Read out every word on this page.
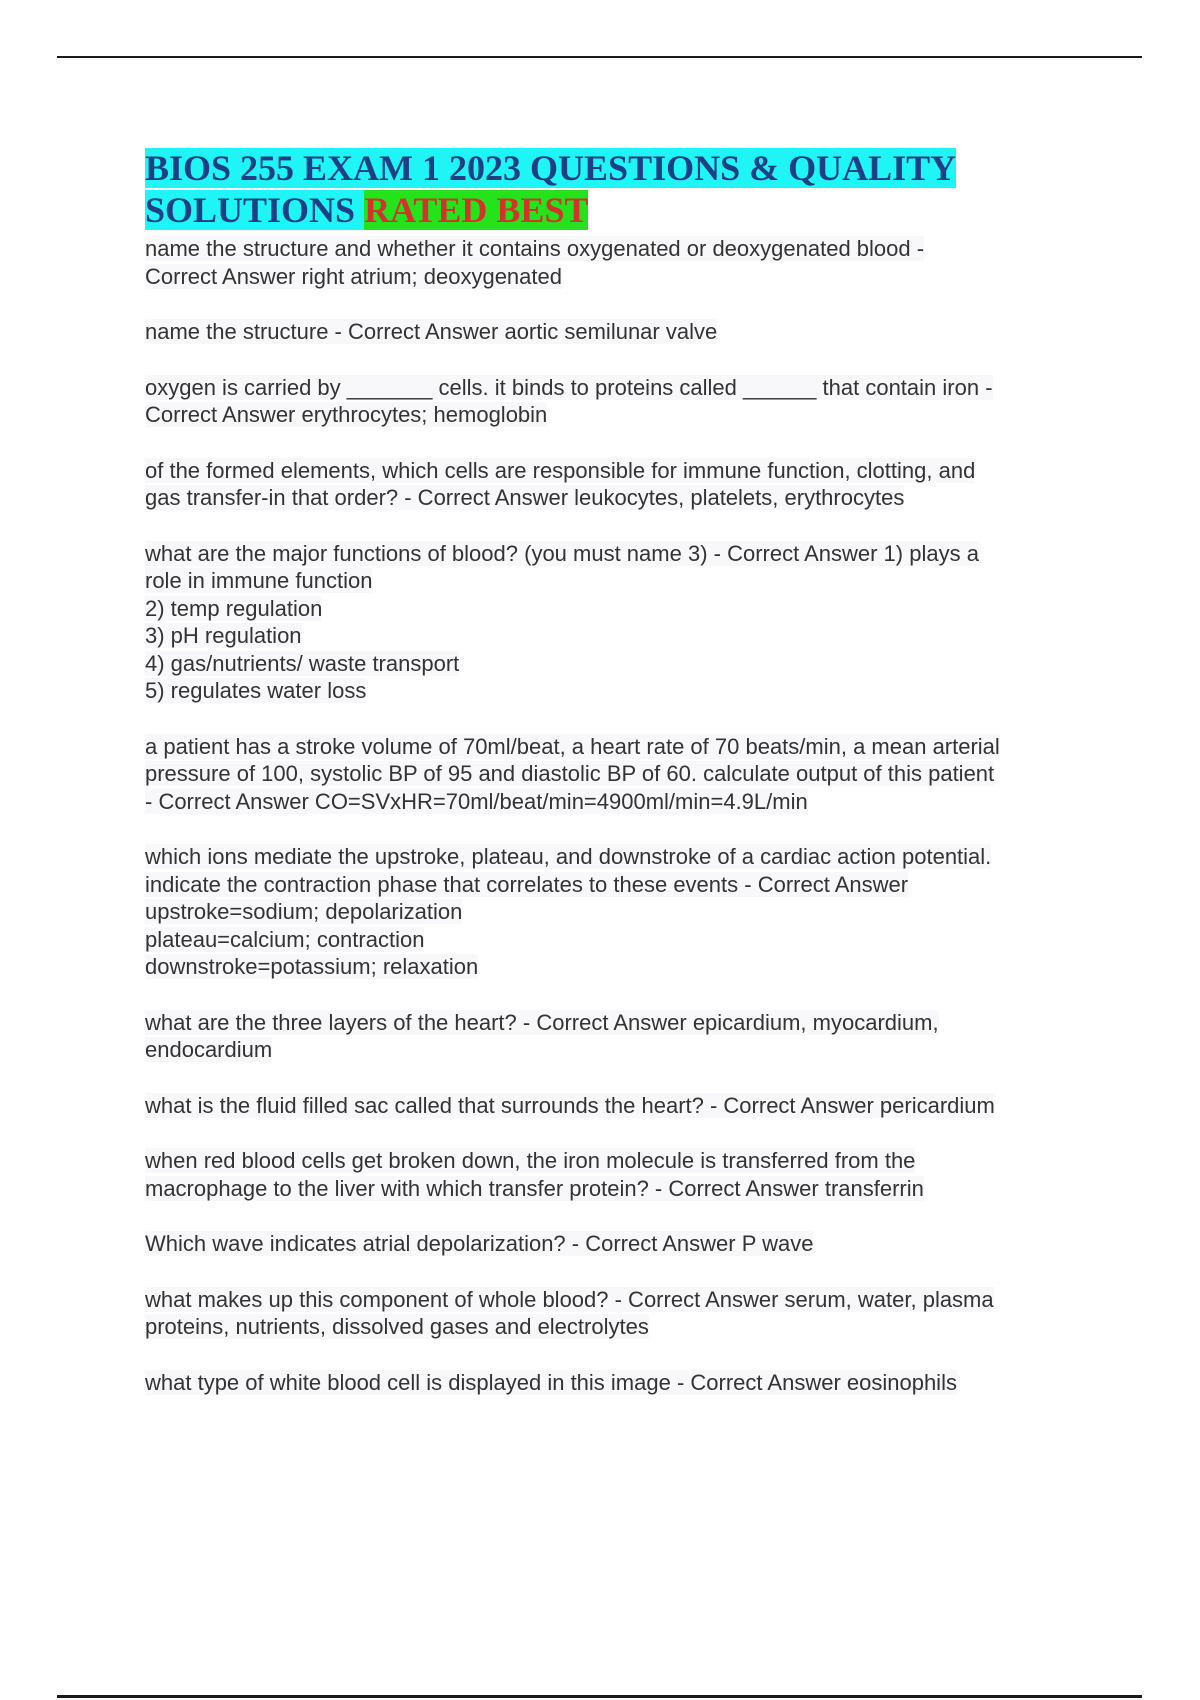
BIOS 255 EXAM 1 2023 QUESTIONS & QUALITY
SOLUTIONS RATED BEST
name the structure and whether it contains oxygenated or deoxygenated blood -
Correct Answer right atrium; deoxygenated
name the structure - Correct Answer aortic semilunar valve
oxygen is carried by _______ cells. it binds to proteins called ______ that contain iron -
Correct Answer erythrocytes; hemoglobin
of the formed elements, which cells are responsible for immune function, clotting, and
gas transfer-in that order? - Correct Answer leukocytes, platelets, erythrocytes
what are the major functions of blood? (you must name 3) - Correct Answer 1) plays a
role in immune function
2) temp regulation
3) pH regulation
4) gas/nutrients/ waste transport
5) regulates water loss
a patient has a stroke volume of 70ml/beat, a heart rate of 70 beats/min, a mean arterial
pressure of 100, systolic BP of 95 and diastolic BP of 60. calculate output of this patient
- Correct Answer CO=SVxHR=70ml/beat/min=4900ml/min=4.9L/min
which ions mediate the upstroke, plateau, and downstroke of a cardiac action potential.
indicate the contraction phase that correlates to these events - Correct Answer
upstroke=sodium; depolarization
plateau=calcium; contraction
downstroke=potassium; relaxation
what are the three layers of the heart? - Correct Answer epicardium, myocardium,
endocardium
what is the fluid filled sac called that surrounds the heart? - Correct Answer pericardium
when red blood cells get broken down, the iron molecule is transferred from the
macrophage to the liver with which transfer protein? - Correct Answer transferrin
Which wave indicates atrial depolarization? - Correct Answer P wave
what makes up this component of whole blood? - Correct Answer serum, water, plasma
proteins, nutrients, dissolved gases and electrolytes
what type of white blood cell is displayed in this image - Correct Answer eosinophils
